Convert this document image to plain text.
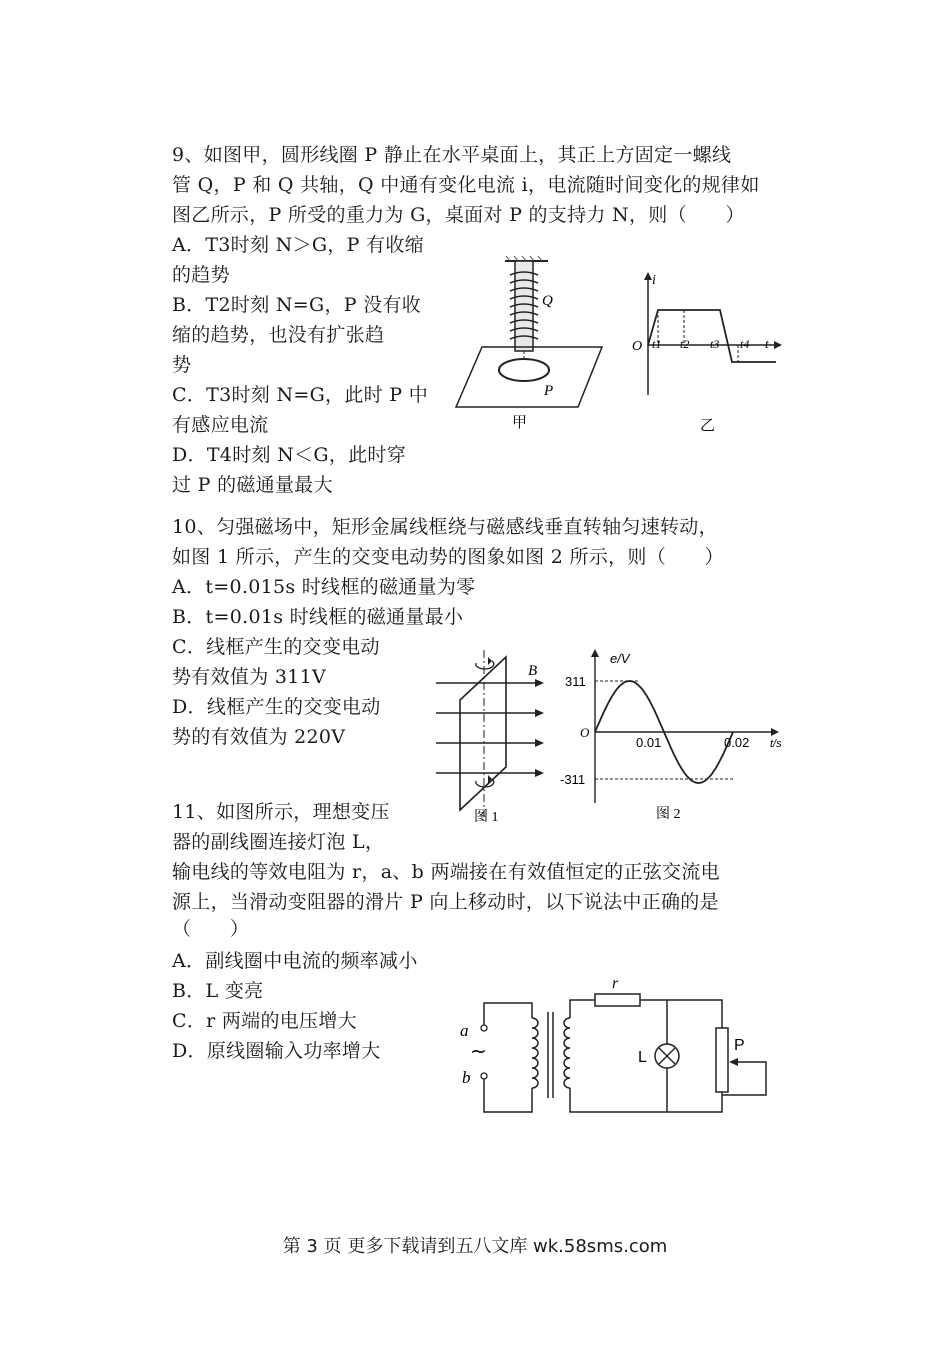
9、如图甲，圆形线圈 P 静止在水平桌面上，其正上方固定一螺线
管 Q，P 和 Q 共轴，Q 中通有变化电流 i，电流随时间变化的规律如
图乙所示，P 所受的重力为 G，桌面对 P 的支持力 N，则（　　）
A．T3时刻 N＞G，P 有收缩
的趋势
B．T2时刻 N=G，P 没有收
缩的趋势，也没有扩张趋
势
C．T3时刻 N=G，此时 P 中
有感应电流
D．T4时刻 N＜G，此时穿
过 P 的磁通量最大
Q
P
甲
i
O t1 t2 t3 t4 t
乙
10、匀强磁场中，矩形金属线框绕与磁感线垂直转轴匀速转动，
如图 1 所示，产生的交变电动势的图象如图 2 所示，则（　　）
A．t=0.015s 时线框的磁通量为零
B．t=0.01s 时线框的磁通量最小
C．线框产生的交变电动
势有效值为 311V
D．线框产生的交变电动
势的有效值为 220V
B
图 1
e/V
311
O
0.01	0.02 t/s
-311
图 2
11、如图所示，理想变压
器的副线圈连接灯泡 L，
输电线的等效电阻为 r，a、b 两端接在有效值恒定的正弦交流电
源上，当滑动变阻器的滑片 P 向上移动时，以下说法中正确的是
（　　）
A．副线圈中电流的频率减小
B．L 变亮
C．r 两端的电压增大
D．原线圈输入功率增大
a
~
b
r
L
P
第 3 页 更多下载请到五八文库 wk.58sms.com
